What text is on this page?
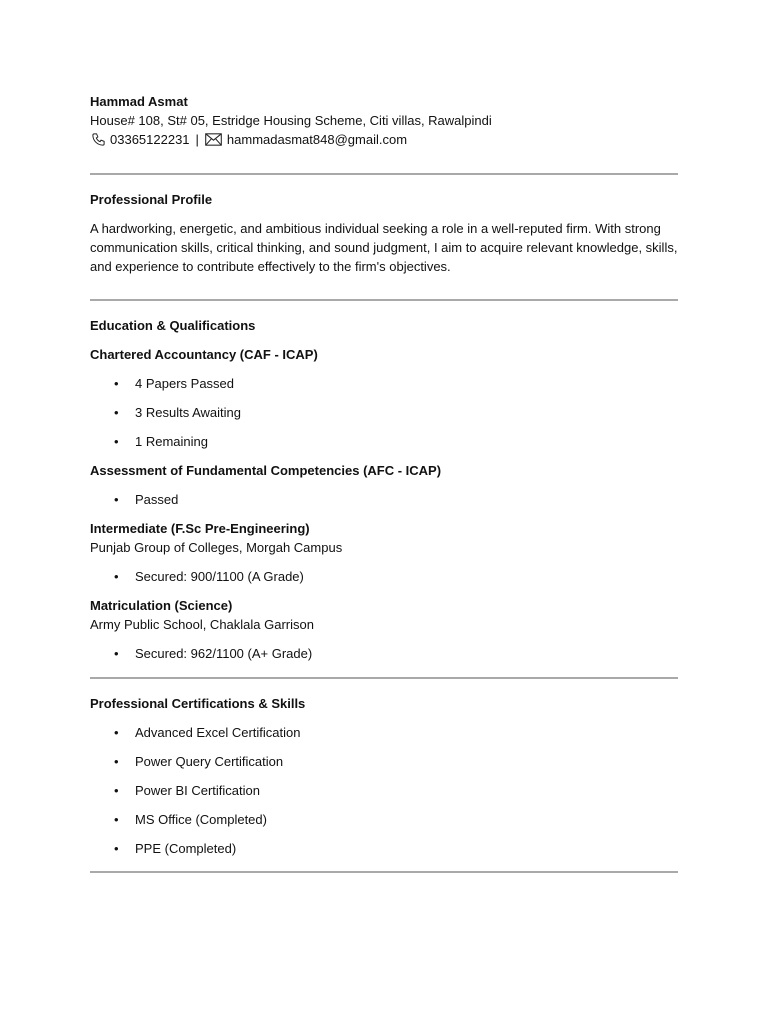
Hammad Asmat
House# 108, St# 05, Estridge Housing Scheme, Citi villas, Rawalpindi
03365122231 | hammadasmat848@gmail.com
Professional Profile
A hardworking, energetic, and ambitious individual seeking a role in a well-reputed firm. With strong communication skills, critical thinking, and sound judgment, I aim to acquire relevant knowledge, skills, and experience to contribute effectively to the firm's objectives.
Education & Qualifications
Chartered Accountancy (CAF - ICAP)
• 4 Papers Passed
• 3 Results Awaiting
• 1 Remaining
Assessment of Fundamental Competencies (AFC - ICAP)
• Passed
Intermediate (F.Sc Pre-Engineering)
Punjab Group of Colleges, Morgah Campus
• Secured: 900/1100 (A Grade)
Matriculation (Science)
Army Public School, Chaklala Garrison
• Secured: 962/1100 (A+ Grade)
Professional Certifications & Skills
• Advanced Excel Certification
• Power Query Certification
• Power BI Certification
• MS Office (Completed)
• PPE (Completed)
